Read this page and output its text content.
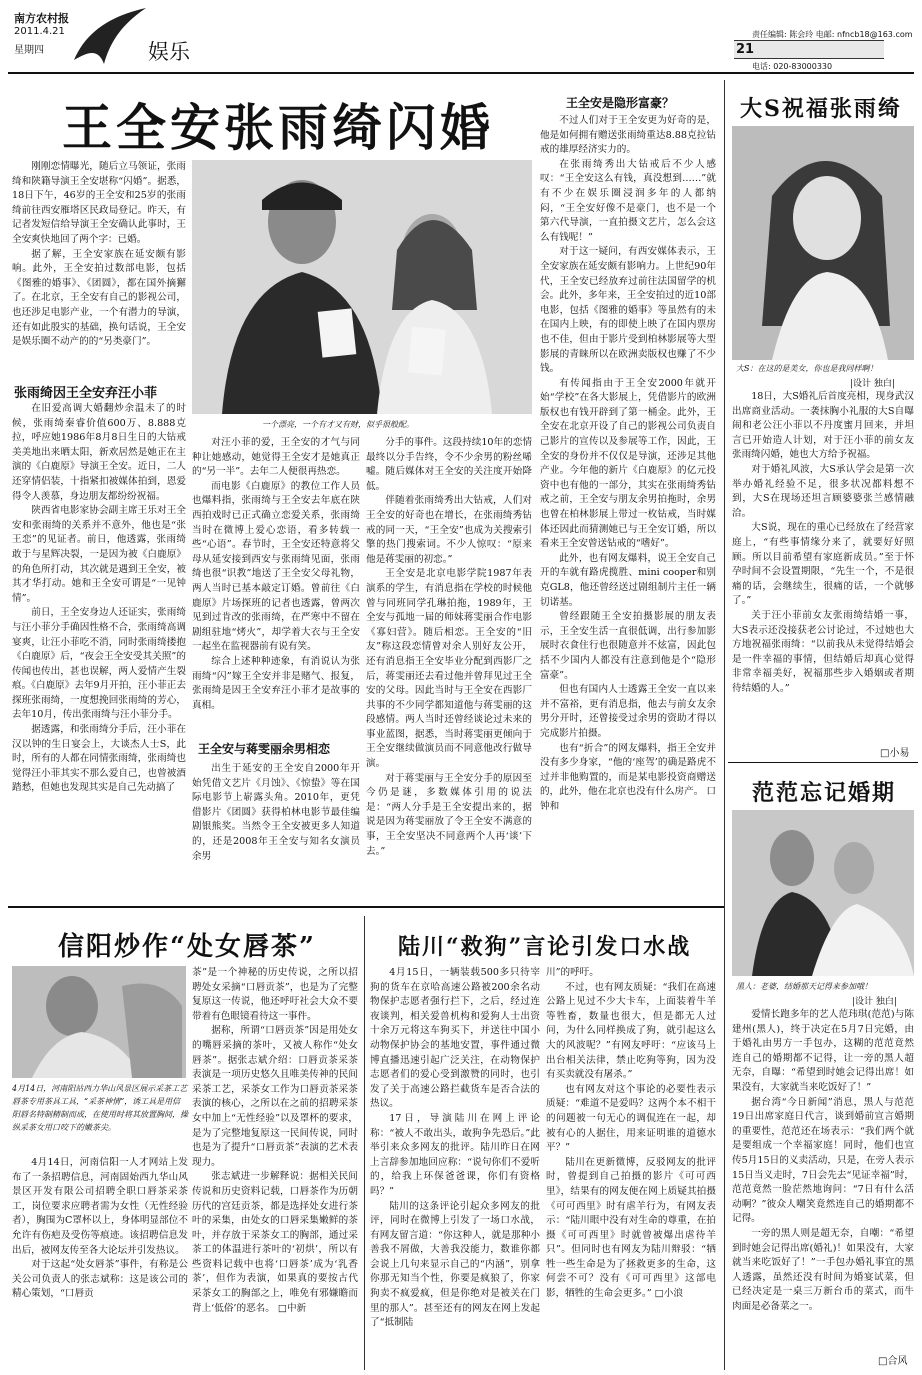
南方农村报
2011.4.21
星期四	娱乐
责任编辑: 陈会玲 电邮: nfncb18@163.com
21
电话: 020-83000330
王全安张雨绮闪婚

刚刚恋情曝光，随后立马领证，张雨绮和陕籍导演王全安堪称“闪婚”。据悉，18日下午，46岁的王全安和25岁的张雨绮前往西安雁塔区民政局登记。昨天，有记者发短信给导演王全安确认此事时，王全安爽快地回了两个字：已婚。

据了解，王全安家族在延安颇有影响。此外，王全安拍过数部电影，包括《图雅的婚事》、《团圆》，都在国外摘獬了。在北京，王全安有自己的影视公司，也还涉足电影产业，一个有潜力的导演，还有如此殷实的基础，换句话说，王全安是娱乐圈不动产的的“另类豪门”。

一个漂亮，一个有才又有财，似乎很般配。
张雨绮因王全安弃汪小菲

在旧爱高调大婚翻炒余温未了的时候，张雨绮秦睿价值600万、8.888克拉，呼应她1986年8月8日生日的大钻戒美美地出来晒太阳，新欢居然是她正在主演的《白鹿原》导演王全安。近日，二人还穿情侣装，十指紧扣被媒体拍到，恩爱得令人羡慕，身边朋友都纷纷祝福。

陕西省电影家协会副主席王乐对王全安和张雨绮的关系并不意外，他也是“张王恋”的见证者。前日，他透露，张雨绮敢于与星辉决裂，一是因为被《白鹿原》的角色所打动，其次就是遇到王全安，被其才华打动。她和王全安可谓是“一见钟情”。

前日，王全安身边人还证实，张雨绮与汪小菲分手确因性格不合，张雨绮高调宴爽，让汪小菲吃不消，同时张雨绮搂抱《白鹿原》后，“夜会王全安受其关照”的传闻也传出，甚也误解，两人爱情产生裂痕。《白鹿原》去年9月开拍，汪小菲正去探班张雨绮，一度想挽回张雨绮的芳心，去年10月，传出张雨绮与汪小菲分手。

据透露，和张雨绮分手后，汪小菲在汉以钟的生日宴会上，大谈杰人士S，此时，所有的人都在同情张雨绮，张雨绮也觉得汪小菲其实不那么爱自己，也曾被酒踏愁，但她也发现其实是自己先动搞了

对汪小菲的爱，王全安的才气与同种让她感动，她觉得王全安才是她真正的“另一半”。去年二人便很再热恋。

而电影《白鹿原》的教位工作人员也爆料指，张雨绮与王全安去年底在陕西拍戏时已正式确立恋爱关系，张雨绮当时在微博上爱心恋语，看多转载一些“心语”。春节时，王全安还特意将父母从延安接到西安与张雨绮见面，张雨绮也很“识教”地送了王全安父母礼物，两人当时已基本敲定订婚。曾前往《白鹿原》片场探班的记者也透露，曾两次见到过肯改的张雨绮，在严寒中不留在剧组驻地“烤火”，却学着大衣与王全安一起坐在监视器前有说有笑。

综合上述种种迹象，有消说认为张雨绮“闪”嫁王全安并非是赌气、报复，张雨绮是因王全安弃汪小菲才是故事的真相。

王全安与蒋雯丽余男相恋

出生于延安的王全安自2000年开始凭借文艺片《月蚀》、《惊蛰》等在国际电影节上崭露头角。2010年，更凭借影片《团圆》获得柏林电影节最佳编剧银熊奖。当然令王全安被更多人知道的，还是2008年王全安与知名女演员余男

分手的事件。这段持续10年的恋情最终以分手告终，令不少余男的粉丝唏嘘。随后媒体对王全安的关注度开始降低。

伴随着张雨绮秀出大钻戒，人们对王全安的好奇也在增长，在张雨绮秀钻戒的同一天，“王全安”也成为关搜索引擎的热门搜索词。不少人惊叹：“原来他是蒋雯丽的初恋。”

王全安是北京电影学院1987年表演系的学生，有消息指在学校的时候他曾与同班同学孔琳拍拖，1989年，王全安与孤地一届的师妹蒋雯丽合作电影《寡妇营》。随后相恋。王全安的“旧友”称这段恋情曾对余人别好友公开，还有消息指王全安毕业分配到西影厂之后，蒋雯丽还去看过他并曾拜见过王全安的父母。因此当时与王全安在西影厂共事的不少同学都知道他与蒋雯丽的这段感情。两人当时还曾经谈论过未来的事业蓝图，据悉，当时蒋雯丽更倾向于王全安继续做演员而不同意他改行做导演。

对于蒋雯丽与王全安分手的原因至今仍是谜，多数媒体引用的说法是：“两人分手是王全安提出来的，据说是因为蒋雯丽放了令王全安不满意的事，王全安坚决不同意两个人再‘谈’下去。”

王全安是隐形富豪？

不过人们对于王全安更为好奇的是，他是如何拥有赠送张雨绮重达8.88克拉钻戒的雄厚经济实力的。

在张雨绮秀出大钻戒后不少人感叹：“王全安这么有钱，真没想到……”就有不少在娱乐圈浸润多年的人都纳闷，“王全安好像不是豪门，也不是一个第六代导演，一直拍摄文艺片，怎么会这么有钱呢！”

对于这一疑问，有西安媒体表示，王全安家族在延安颇有影响力。上世纪90年代，王全安已经放弃过前往法国留学的机会。此外，多年来，王全安拍过的近10部电影，包括《图雅的婚事》等虽然有的未在国内上映，有的即使上映了在国内票房也不佳，但由于影片受到柏林影展等大型影展的青睐所以在欧洲卖版权也赚了不少钱。

有传闻指由于王全安2000年就开始“学校”在各大影展上，凭借影片的欧洲版权也有钱开辟到了第一桶金。此外，王全安在北京开设了自己的影视公司负责自己影片的宣传以及参展等工作，因此，王全安的身份并不仅仅是导演，还涉足其他产业。今年他的新片《白鹿原》的亿元投资中也有他的一部分，其实在张雨绮秀钻戒之前，王全安与朋友余男拍拖时，余男也曾在柏林影展上带过一枚钻戒，当时媒体还因此而猜测她已与王全安订婚，所以看来王全安曾送钻戒的“嗜好”。

此外，也有网友爆料，说王全安自己开的车就有路虎揽胜、mini cooper和别克GL8，他还曾经送过剧组制片主任一辆切诺基。

曾经跟随王全安拍摄影展的朋友表示，王全安生活一直很低调，出行参加影展时衣食住行也很随意并不炫富，因此包括不少国内人都没有注意到他是个“隐形富豪”。

但也有国内人士透露王全安一直以来并不富裕，更有消息指，他去与前女友余男分开时，还曾接受过余男的资助才得以完成影片拍摄。

也有“折合”的网友爆料，指王全安并没有多少身家，“他的‘座驾’的确是路虎不过并非他购置的，而是某电影投资商赠送的，此外，他在北京也没有什么房产。 口钟和

大S祝福张雨绮
大S：在这的是美女，你也是我同样啊！
|设计 独白|

18日，大S婚礼后首度亮相，现身武汉出席商业活动。一袭抹胸小礼服的大S自曝闹和老公汪小菲以不丹度蜜月回来，并坦言已开始造人计划，对于汪小菲的前女友张雨绮闪婚，她也大方给予祝福。

对于婚礼风波，大S承认学会是第一次举办婚礼经验不足，很多状况都料想不到，大S在现场还坦言顾婆婆张兰感情融洽。

大S说，现在的重心已经放在了经营家庭上，“有些事情缘分来了，就要好好照顾。所以目前希望有家庭新成员。”至于怀孕时间不会设置期限，“先生一个，不是很痛的话，会继续生，很痛的话，一个就够了。”

关于汪小菲前女友张雨绮结婚一事，大S表示还没接获老公讨论过，不过她也大方地祝福张雨绮：“以前我从未觉得结婚会是一件幸福的事情，但结婚后却真心觉得非常幸福美好，祝福那些步入婚姻或者期待结婚的人。”

□小易
范范忘记婚期
黑人：老婆，结婚那天记得来参加哦！
|设计 独白|

爱情长跑多年的艺人范玮琪(范范)与陈建州(黑人)，终于决定在5月7日完婚，由于婚礼由男方一手包办，这糊的范范竟然连自己的婚期都不记得，让一旁的黑人超无奈，自曝：“希望到时她会记得出席！如果没有，大家就当来吃饭好了！”

据台湾“今日新闻”消息，黑人与范范19日出席家庭日代言，谈到婚前宣言婚期的重要性，范范还在场表示：“我们两个就是要组成一个幸福家庭！同时，他们也宣传5月15日的义卖活动，只是，在旁人表示15日当义走时，7日会先去“见证幸福”时，范范竟然一脸茫然地询问：“7日有什么活动啊？”彼众人嘲笑竟然连自己的婚期都不记得。

一旁的黑人则是超无奈，自嘲：“希望到时她会记得出席(婚礼)！如果没有，大家就当来吃饭好了！”一手包办婚礼事宜的黑人透露，虽然还没有时间为婚宴试菜，但已经决定是一桌三万新台币的菜式，而牛肉面是必备菜之一。

□合风
信阳炒作“处女唇茶”
4月14日，河南阳站西力华山风景区展示采茶工艺唇茶专用茶具工具，“采茶神情”，诱工具是用信阳唇名特制精制而成，在使用时将其放置胸间，操纵采茶女用口咬下的嫩茶尖。

4月14日，河南信阳一人才网站上发布了一条招聘信息，河南固始西九华山风景区开发有限公司招聘全职口唇茶采茶工，岗位要求应聘者需为女性（无性经验者），胸围为C罩杯以上，身体明显部位不允许有伤疤及受伤等痕迹。该招聘信息发出后，被网友传至各大论坛并引发热议。

对于这起“处女唇茶”事件，有称是公关公司负责人的张志斌称：这是该公司的精心策划，“口唇贡

茶”是一个神秘的历史传说，之所以招聘处女采摘“口唇贡茶”，也是为了完整复原这一传说，他还呼吁社会大众不要带着有色眼镜看待这一事件。

据称，所谓“口唇贡茶”因是用处女的嘴唇采摘的茶叶，又被人称作“处女唇茶”。据张志斌介绍：口唇贡茶采茶表演是一项历史悠久且唯美传神的民间采茶工艺，采茶女工作为口唇贡茶采茶表演的核心，之所以在之前的招聘采茶女中加上“无性经验”以及罩杯的要求，是为了完整地复原这一民间传说，同时也是为了提升“口唇贡茶”表演的艺术表现力。

张志斌进一步解释说：据相关民间传说和历史资料记载，口唇茶作为历朝历代的宫廷贡茶，都是选择处女进行茶叶的采集，由处女的口唇采集嫩鲜的茶叶，并存放于采茶女工的胸部，通过采茶工的体温进行茶叶的‘初烘’，所以有些资料记载中也将‘口唇茶’成为‘乳香茶’，但作为表演，如果真的要按古代采茶女工的胸部之上，唯免有邪嫌瞻而背上‘低俗’的恶名。 □中新

陆川“救狗”言论引发口水战

4月15日，一辆装载500多只待宰狗的货车在京哈高速公路被200余名动物保护志愿者强行拦下，之后，经过连夜谈判，相关爱兽机构和爱狗人士出资十余万元将这车狗买下，并送往中国小动物保护协会的基地安置，事件通过微博直播迅速引起广泛关注，在动物保护志愿者们的爱心受到激赞的同时，也引发了关于高速公路拦截货车是否合法的热议。

17日，导演陆川在网上评论称：“被人不敢出头，敢狗争先恐后。”此举引来众多网友的批评。陆川昨日在网上言辞参加地回应称：“说句你们不爱听的，给我上环保爸爸课，你们有资格吗？”

陆川的这条评论引起众多网友的批评，同时在微博上引发了一场口水战，有网友留言道：“你这种人，就是那种小善我不屑做，大善我没能力，数谁你都会说上几句来显示自己的“内涵”，别拿你那无知当个性，你要是疯狼了，你家狗卖不疯爱疯，但是你绝对是被关在门里的那人”。甚至还有的网友在网上发起了“抵制陆

川”的呼吁。

不过，也有网友质疑：“我们在高速公路上见过不少大卡车，上面装着牛羊等牲畜，数量也很大，但是都无人过问，为什么同样换成了狗，就引起这么大的风波呢？”有网友呼吁：“应该马上出台相关法律，禁止吃狗等狗，因为没有买卖就没有屠杀。”

也有网友对这个事论的必要性表示质疑：“难道不是爱吗？这两个本不相干的问题被一句无心的调侃连在一起，却被有心的人据住，用来证明谁的道德水平？”

陆川在更新微博，反驳网友的批评时，曾提到自己拍摄的影片《可可西里》，结果有的网友便在网上质疑其拍摄《可可西里》时有虐羊行为，有网友表示：“陆川眼中没有对生命的尊重，在拍摄《可可西里》时就曾被爆出虐待羊只”。但同时也有网友为陆川辩驳：“牺牲一些生命是为了拯救更多的生命，这何尝不可？没有《可可西里》这部电影，牺牲的生命会更多。” □小浪
